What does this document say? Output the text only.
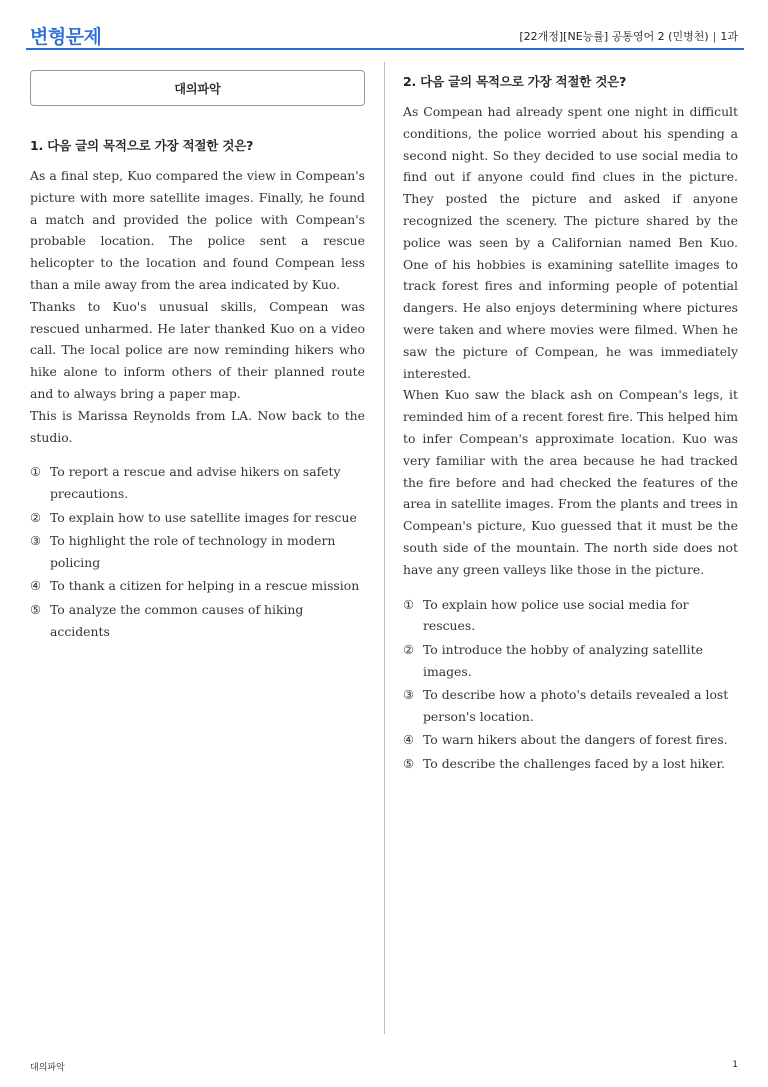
변형문제	[22개정][NE능률] 공통영어 2 (민병천) | 1과
대의파악
1. 다음 글의 목적으로 가장 적절한 것은?

As a final step, Kuo compared the view in Compean's picture with more satellite images. Finally, he found a match and provided the police with Compean's probable location. The police sent a rescue helicopter to the location and found Compean less than a mile away from the area indicated by Kuo.

Thanks to Kuo's unusual skills, Compean was rescued unharmed. He later thanked Kuo on a video call. The local police are now reminding hikers who hike alone to inform others of their planned route and to always bring a paper map.

This is Marissa Reynolds from LA. Now back to the studio.

① To report a rescue and advise hikers on safety precautions.
② To explain how to use satellite images for rescue
③ To highlight the role of technology in modern policing
④ To thank a citizen for helping in a rescue mission
⑤ To analyze the common causes of hiking accidents
2. 다음 글의 목적으로 가장 적절한 것은?

As Compean had already spent one night in difficult conditions, the police worried about his spending a second night. So they decided to use social media to find out if anyone could find clues in the picture. They posted the picture and asked if anyone recognized the scenery. The picture shared by the police was seen by a Californian named Ben Kuo. One of his hobbies is examining satellite images to track forest fires and informing people of potential dangers. He also enjoys determining where pictures were taken and where movies were filmed. When he saw the picture of Compean, he was immediately interested.

When Kuo saw the black ash on Compean's legs, it reminded him of a recent forest fire. This helped him to infer Compean's approximate location. Kuo was very familiar with the area because he had tracked the fire before and had checked the features of the area in satellite images. From the plants and trees in Compean's picture, Kuo guessed that it must be the south side of the mountain. The north side does not have any green valleys like those in the picture.

① To explain how police use social media for rescues.
② To introduce the hobby of analyzing satellite images.
③ To describe how a photo's details revealed a lost person's location.
④ To warn hikers about the dangers of forest fires.
⑤ To describe the challenges faced by a lost hiker.
대의파악	1
